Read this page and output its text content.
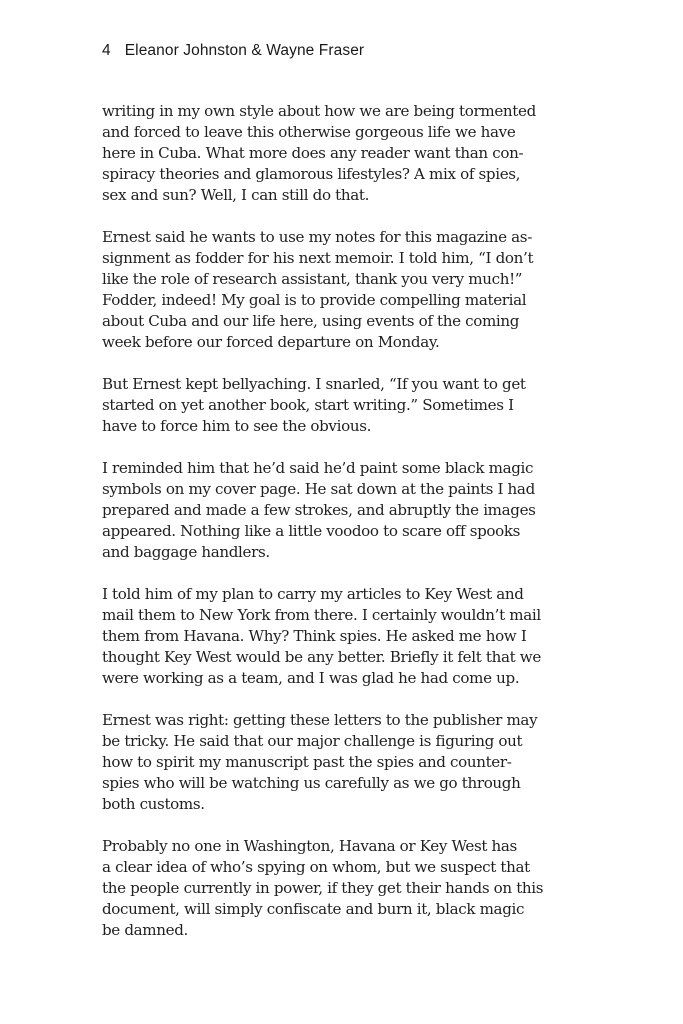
4 Eleanor Johnston & Wayne Fraser

writing in my own style about how we are being tormented
and forced to leave this otherwise gorgeous life we have
here in Cuba. What more does any reader want than con-
spiracy theories and glamorous lifestyles? A mix of spies,
sex and sun? Well, I can still do that.

Ernest said he wants to use my notes for this magazine as-
signment as fodder for his next memoir. I told him, “I don’t
like the role of research assistant, thank you very much!”
Fodder, indeed! My goal is to provide compelling material
about Cuba and our life here, using events of the coming
week before our forced departure on Monday.

But Ernest kept bellyaching. I snarled, “If you want to get
started on yet another book, start writing.” Sometimes I
have to force him to see the obvious.

I reminded him that he’d said he’d paint some black magic
symbols on my cover page. He sat down at the paints I had
prepared and made a few strokes, and abruptly the images
appeared. Nothing like a little voodoo to scare off spooks
and baggage handlers.

I told him of my plan to carry my articles to Key West and
mail them to New York from there. I certainly wouldn’t mail
them from Havana. Why? Think spies. He asked me how I
thought Key West would be any better. Briefly it felt that we
were working as a team, and I was glad he had come up.

Ernest was right: getting these letters to the publisher may
be tricky. He said that our major challenge is figuring out
how to spirit my manuscript past the spies and counter-
spies who will be watching us carefully as we go through
both customs.

Probably no one in Washington, Havana or Key West has
a clear idea of who’s spying on whom, but we suspect that
the people currently in power, if they get their hands on this
document, will simply confiscate and burn it, black magic
be damned.
